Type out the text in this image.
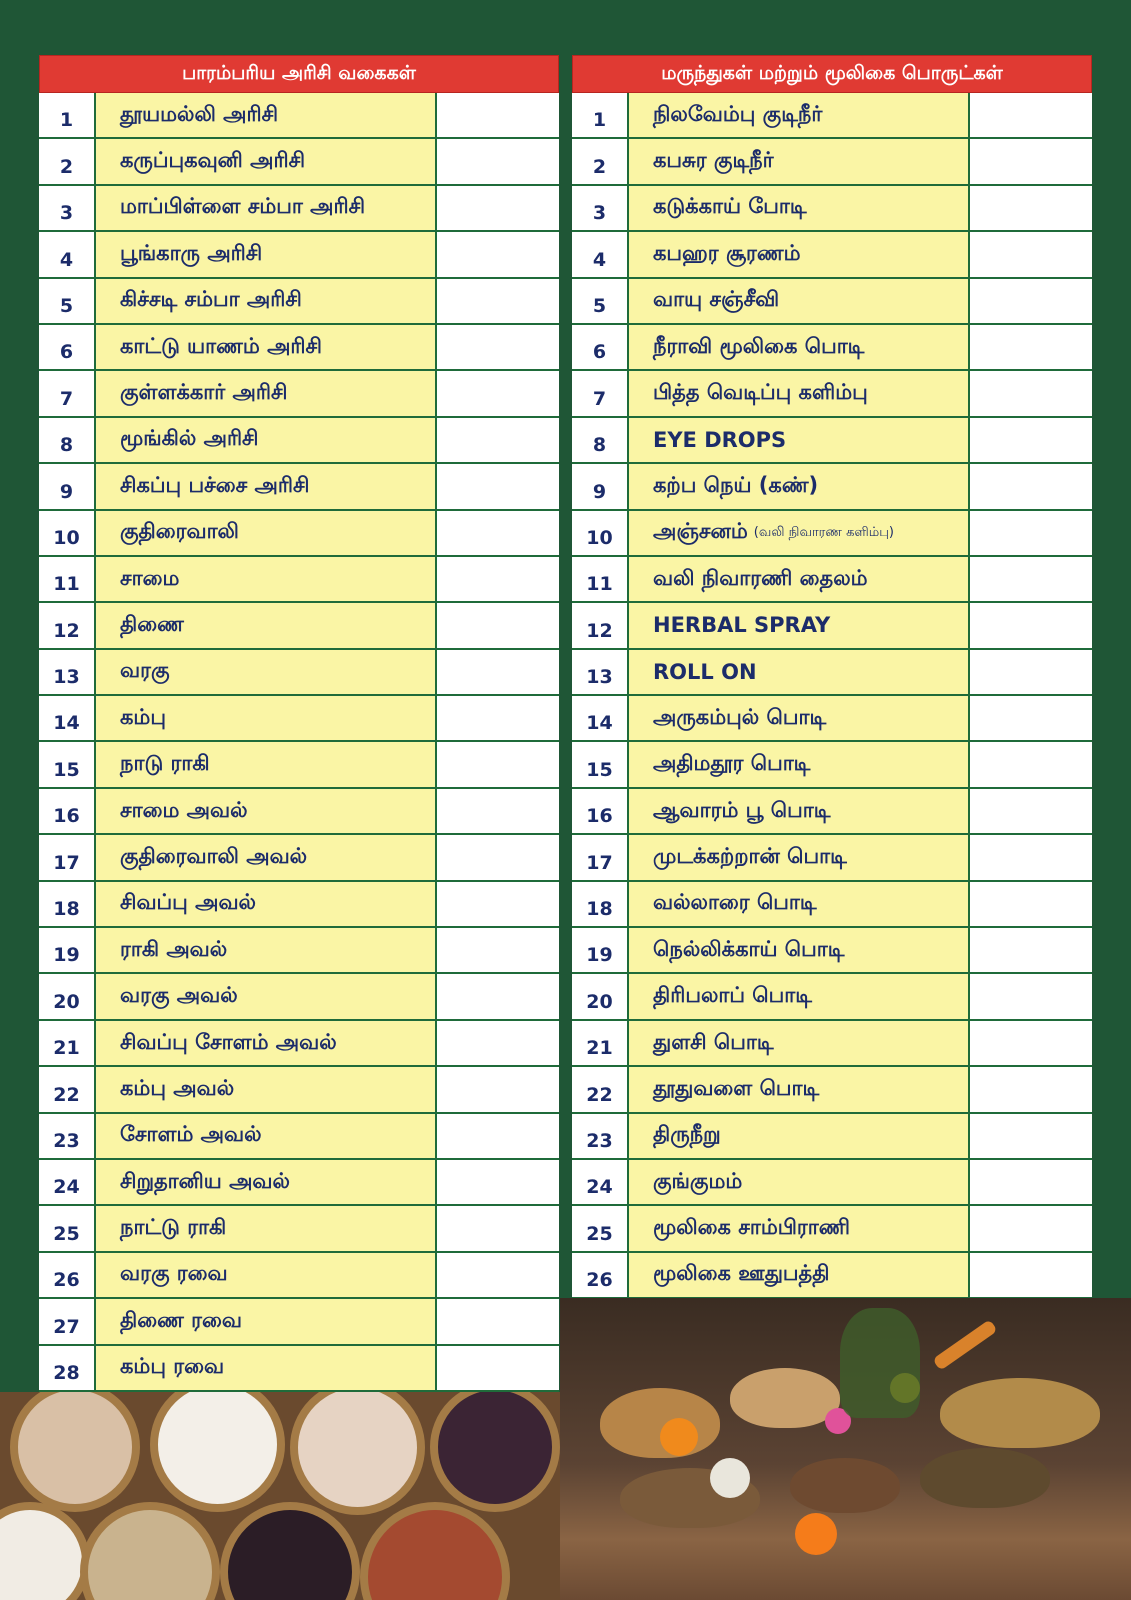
பாரம்பரிய அரிசி வகைகள்
1	தூயமல்லி அரிசி
2	கருப்புகவுனி அரிசி
3	மாப்பிள்ளை சம்பா அரிசி
4	பூங்காரு அரிசி
5	கிச்சடி சம்பா அரிசி
6	காட்டு யாணம் அரிசி
7	குள்ளக்கார் அரிசி
8	மூங்கில் அரிசி
9	சிகப்பு பச்சை அரிசி
10	குதிரைவாலி
11	சாமை
12	திணை
13	வரகு
14	கம்பு
15	நாடு ராகி
16	சாமை அவல்
17	குதிரைவாலி அவல்
18	சிவப்பு அவல்
19	ராகி அவல்
20	வரகு அவல்
21	சிவப்பு சோளம் அவல்
22	கம்பு அவல்
23	சோளம் அவல்
24	சிறுதானிய அவல்
25	நாட்டு ராகி
26	வரகு ரவை
27	திணை ரவை
28	கம்பு ரவை
மருந்துகள் மற்றும் மூலிகை பொருட்கள்
1	நிலவேம்பு குடிநீர்
2	கபசுர குடிநீர்
3	கடுக்காய் போடி
4	கபஹர சூரணம்
5	வாயு சஞ்சீவி
6	நீராவி மூலிகை பொடி
7	பித்த வெடிப்பு களிம்பு
8	EYE DROPS
9	கற்ப நெய் (கண்)
10	அஞ்சனம் (வலி நிவாரண களிம்பு)
11	வலி நிவாரணி தைலம்
12	HERBAL SPRAY
13	ROLL ON
14	அருகம்புல் பொடி
15	அதிமதூர பொடி
16	ஆவாரம் பூ பொடி
17	முடக்கற்றான் பொடி
18	வல்லாரை பொடி
19	நெல்லிக்காய் பொடி
20	திரிபலாப் பொடி
21	துளசி பொடி
22	தூதுவளை பொடி
23	திருநீறு
24	குங்குமம்
25	மூலிகை சாம்பிராணி
26	மூலிகை ஊதுபத்தி
